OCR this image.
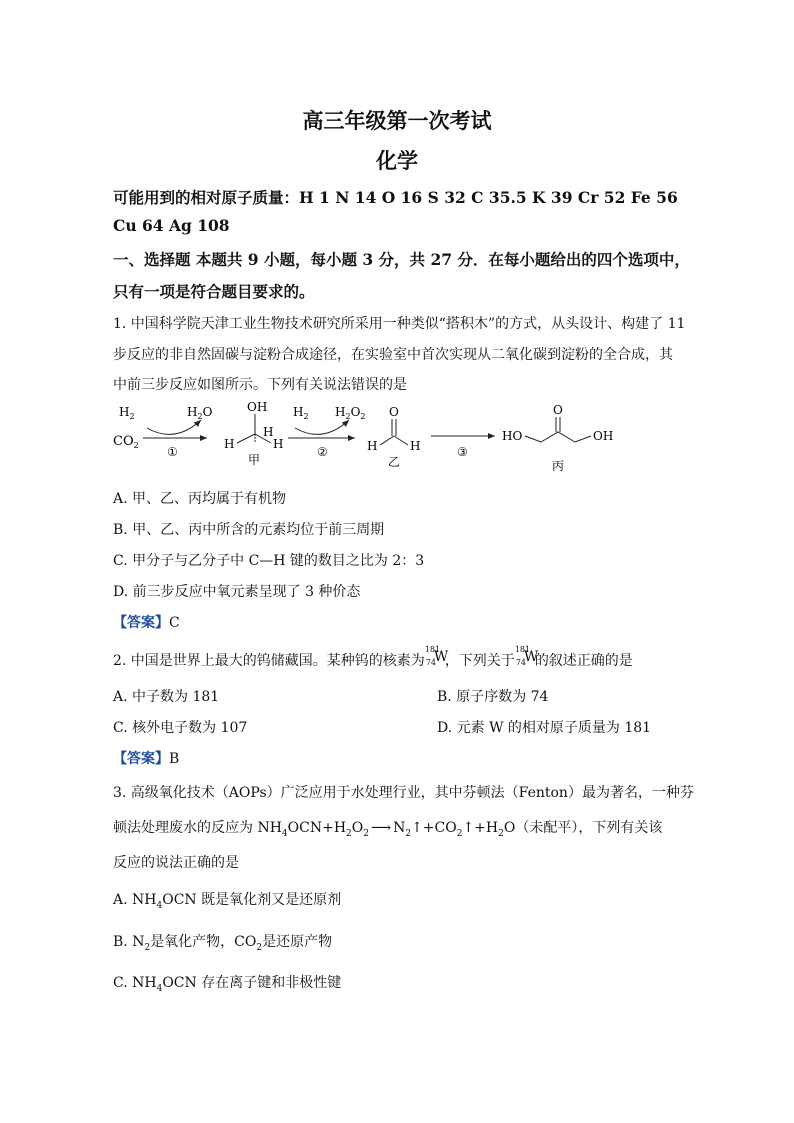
高三年级第一次考试
化学
可能用到的相对原子质量：H 1 N 14 O 16 S 32 C 35.5 K 39 Cr 52 Fe 56
Cu 64 Ag 108
一、选择题 本题共 9 小题，每小题 3 分，共 27 分．在每小题给出的四个选项中，
只有一项是符合题目要求的。
1. 中国科学院天津工业生物技术研究所采用一种类似“搭积木”的方式，从头设计、构建了 11
步反应的非自然固碳与淀粉合成途径，在实验室中首次实现从二氧化碳到淀粉的全合成，其
中前三步反应如图所示。下列有关说法错误的是
$CO_2$
$H_2$	$H_2O$
①
OH
H	H
H
甲
$H_2$ $H_2O_2$
②
O
H	H
乙
③
O
HO	OH
丙
A. 甲、乙、丙均属于有机物
B. 甲、乙、丙中所含的元素均位于前三周期
C. 甲分子与乙分子中 C—H 键的数目之比为 2：3
D. 前三步反应中氧元素呈现了 3 种价态
【答案】C
2. 中国是世界上最大的钨储藏国。某种钨的核素为
181
74
W
，下列关于
181
74
W
的叙述正确的是
A. 中子数为 181	B. 原子序数为 74
C. 核外电子数为 107	D. 元素 W 的相对原子质量为 181
【答案】B
3. 高级氧化技术（AOPs）广泛应用于水处理行业，其中芬顿法（Fenton）最为著名，一种芬
顿法处理废水的反应为 $NH_4OCN+H_2O_2$ ⟶ $N_2↑+CO_2↑+H_2O$（未配平），下列有关该
反应的说法正确的是
A. $NH_4OCN$ 既是氧化剂又是还原剂
B. $N_2$是氧化产物，$CO_2$是还原产物
C. $NH_4OCN$ 存在离子键和非极性键
